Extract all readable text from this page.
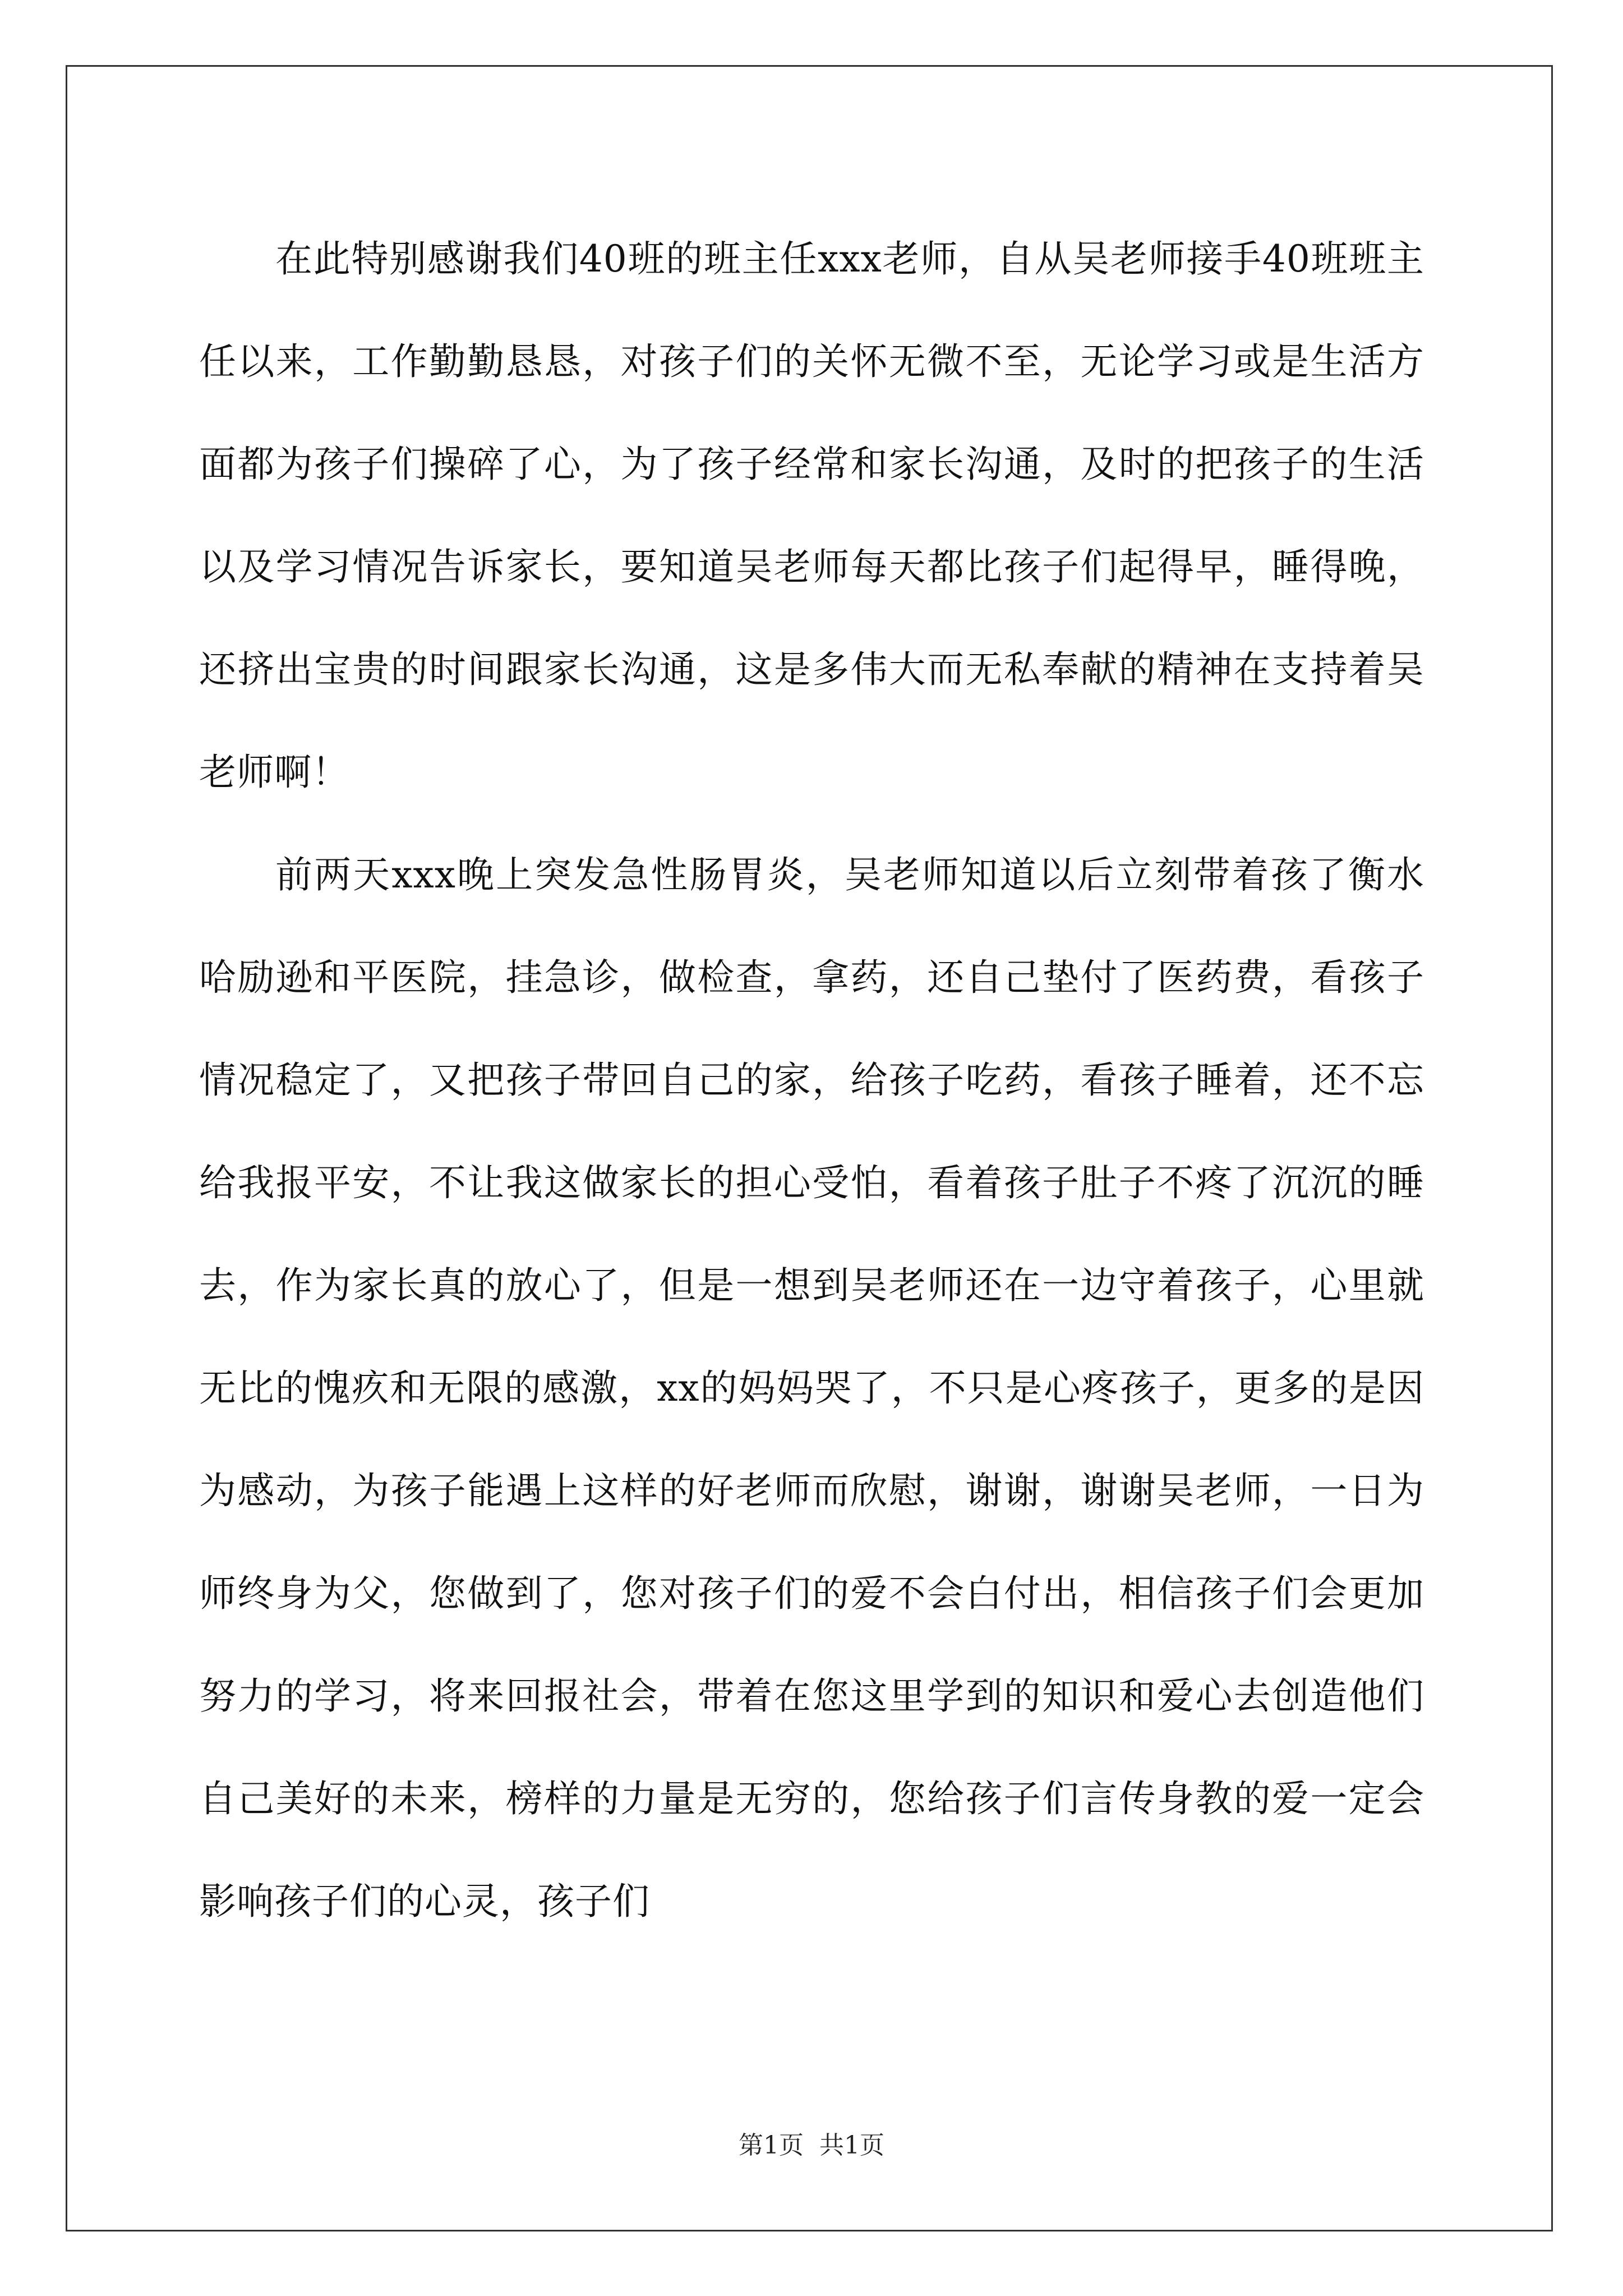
在此特别感谢我们40班的班主任xxx老师，自从吴老师接手40班班主任以来，工作勤勤恳恳，对孩子们的关怀无微不至，无论学习或是生活方面都为孩子们操碎了心，为了孩子经常和家长沟通，及时的把孩子的生活以及学习情况告诉家长，要知道吴老师每天都比孩子们起得早，睡得晚，还挤出宝贵的时间跟家长沟通，这是多伟大而无私奉献的精神在支持着吴老师啊！

前两天xxx晚上突发急性肠胃炎，吴老师知道以后立刻带着孩了衡水哈励逊和平医院，挂急诊，做检查，拿药，还自己垫付了医药费，看孩子情况稳定了，又把孩子带回自己的家，给孩子吃药，看孩子睡着，还不忘给我报平安，不让我这做家长的担心受怕，看着孩子肚子不疼了沉沉的睡去，作为家长真的放心了，但是一想到吴老师还在一边守着孩子，心里就无比的愧疚和无限的感激，xx的妈妈哭了，不只是心疼孩子，更多的是因为感动，为孩子能遇上这样的好老师而欣慰，谢谢，谢谢吴老师，一日为师终身为父，您做到了，您对孩子们的爱不会白付出，相信孩子们会更加努力的学习，将来回报社会，带着在您这里学到的知识和爱心去创造他们自己美好的未来，榜样的力量是无穷的，您给孩子们言传身教的爱一定会影响孩子们的心灵，孩子们

第1页 共1页
